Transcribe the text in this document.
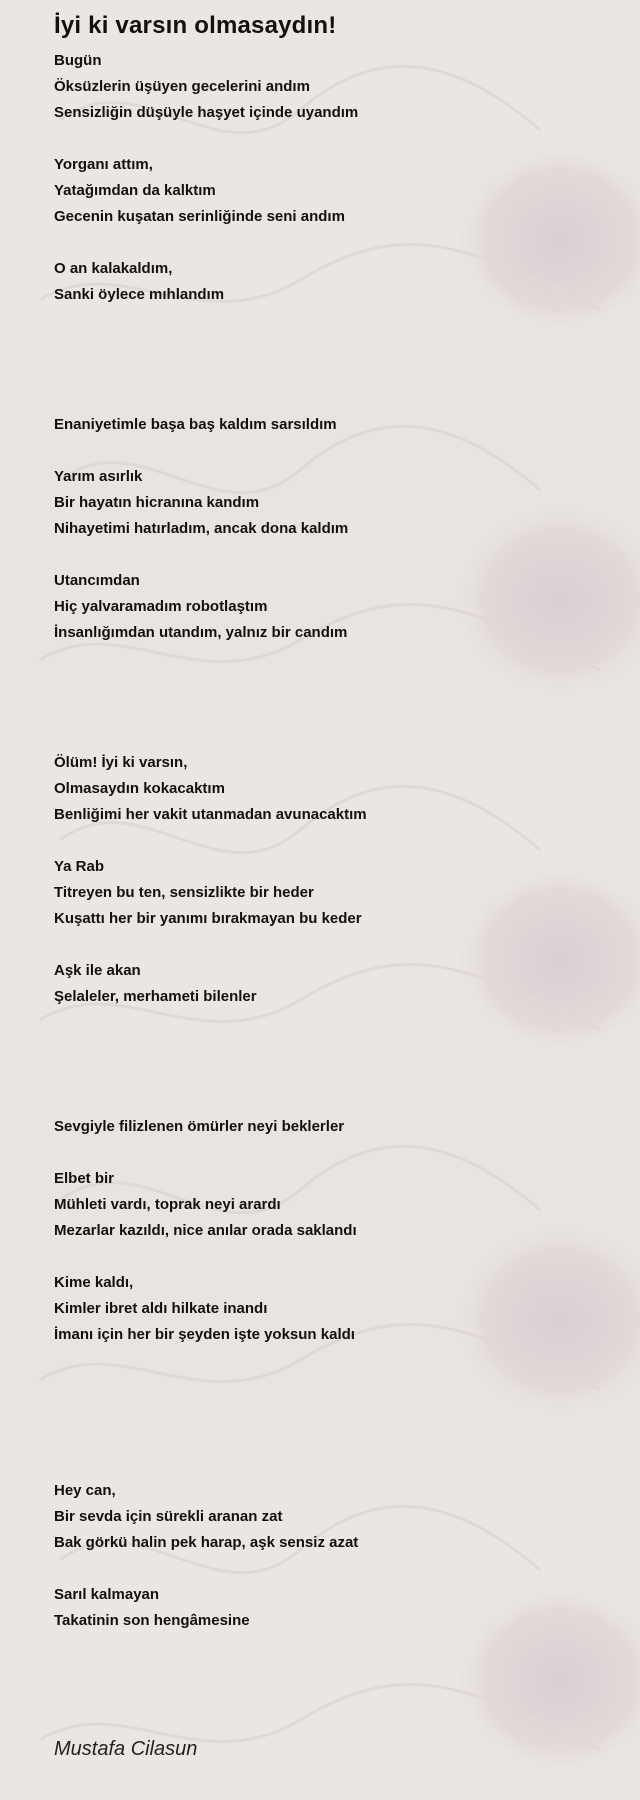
İyi ki varsın olmasaydın!
Bugün
Öksüzlerin üşüyen gecelerini andım
Sensizliğin düşüyle haşyet içinde uyandım
Yorganı attım,
Yatağımdan da kalktım
Gecenin kuşatan serinliğinde seni andım
O an kalakaldım,
Sanki öylece mıhlandım
Enaniyetimle başa baş kaldım sarsıldım
Yarım asırlık
Bir hayatın hicranına kandım
Nihayetimi hatırladım, ancak dona kaldım
Utancımdan
Hiç yalvaramadım robotlaştım
İnsanlığımdan utandım, yalnız bir candım
Ölüm! İyi ki varsın,
Olmasaydın kokacaktım
Benliğimi her vakit utanmadan avunacaktım
Ya Rab
Titreyen bu ten, sensizlikte bir heder
Kuşattı her bir yanımı bırakmayan bu keder
Aşk ile akan
Şelaleler, merhameti bilenler
Sevgiyle filizlenen ömürler neyi beklerler
Elbet bir
Mühleti vardı, toprak neyi arardı
Mezarlar kazıldı, nice anılar orada saklandı
Kime kaldı,
Kimler ibret aldı hilkate inandı
İmanı için her bir şeyden işte yoksun kaldı
Hey can,
Bir sevda için sürekli aranan zat
Bak görkü halin pek harap, aşk sensiz azat
Sarıl kalmayan
Takatinin son hengâmesine
Mustafa Cilasun
